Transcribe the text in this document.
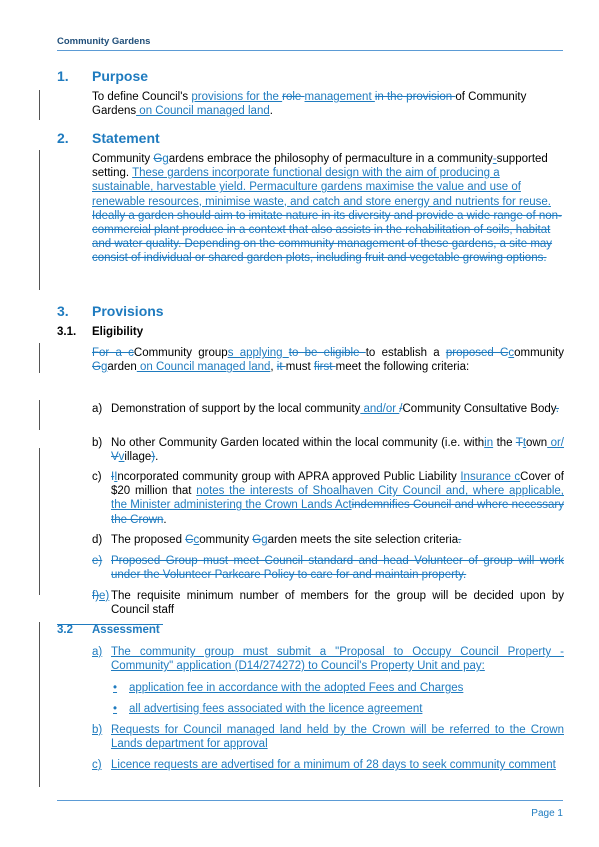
Community Gardens
1. Purpose
To define Council's provisions for the role management in the provision of Community Gardens on Council managed land.
2. Statement
Community Ggardens embrace the philosophy of permaculture in a community-supported setting. These gardens incorporate functional design with the aim of producing a sustainable, harvestable yield. Permaculture gardens maximise the value and use of renewable resources, minimise waste, and catch and store energy and nutrients for reuse.
Ideally a garden should aim to imitate nature in its diversity and provide a wide range of non-commercial plant produce in a context that also assists in the rehabilitation of soils, habitat and water quality. Depending on the community management of these gardens, a site may consist of individual or shared garden plots, including fruit and vegetable growing options.
3. Provisions
3.1. Eligibility
For a cCommunity groups applying to be eligible to establish a proposed Ccommunity Ggarden on Council managed land, it must first meet the following criteria:
a) Demonstration of support by the local community and/or /Community Consultative Body.
b) No other Community Garden located within the local community (i.e. within the Ttown or/ Vvillage).
c) IIncorporated community group with APRA approved Public Liability Insurance cCover of $20 million that notes the interests of Shoalhaven City Council and, where applicable, the Minister administering the Crown Lands Actindemnifies Council and where necessary the Crown.
d) The proposed Ccommunity Ggarden meets the site selection criteria.
e) Proposed Group must meet Council standard and head Volunteer of group will work under the Volunteer Parkcare Policy to care for and maintain property.
f)e) The requisite minimum number of members for the group will be decided upon by Council staff
3.2 Assessment
a) The community group must submit a "Proposal to Occupy Council Property - Community" application (D14/274272) to Council's Property Unit and pay:
• application fee in accordance with the adopted Fees and Charges
• all advertising fees associated with the licence agreement
b) Requests for Council managed land held by the Crown will be referred to the Crown Lands department for approval
c) Licence requests are advertised for a minimum of 28 days to seek community comment
Page 1
